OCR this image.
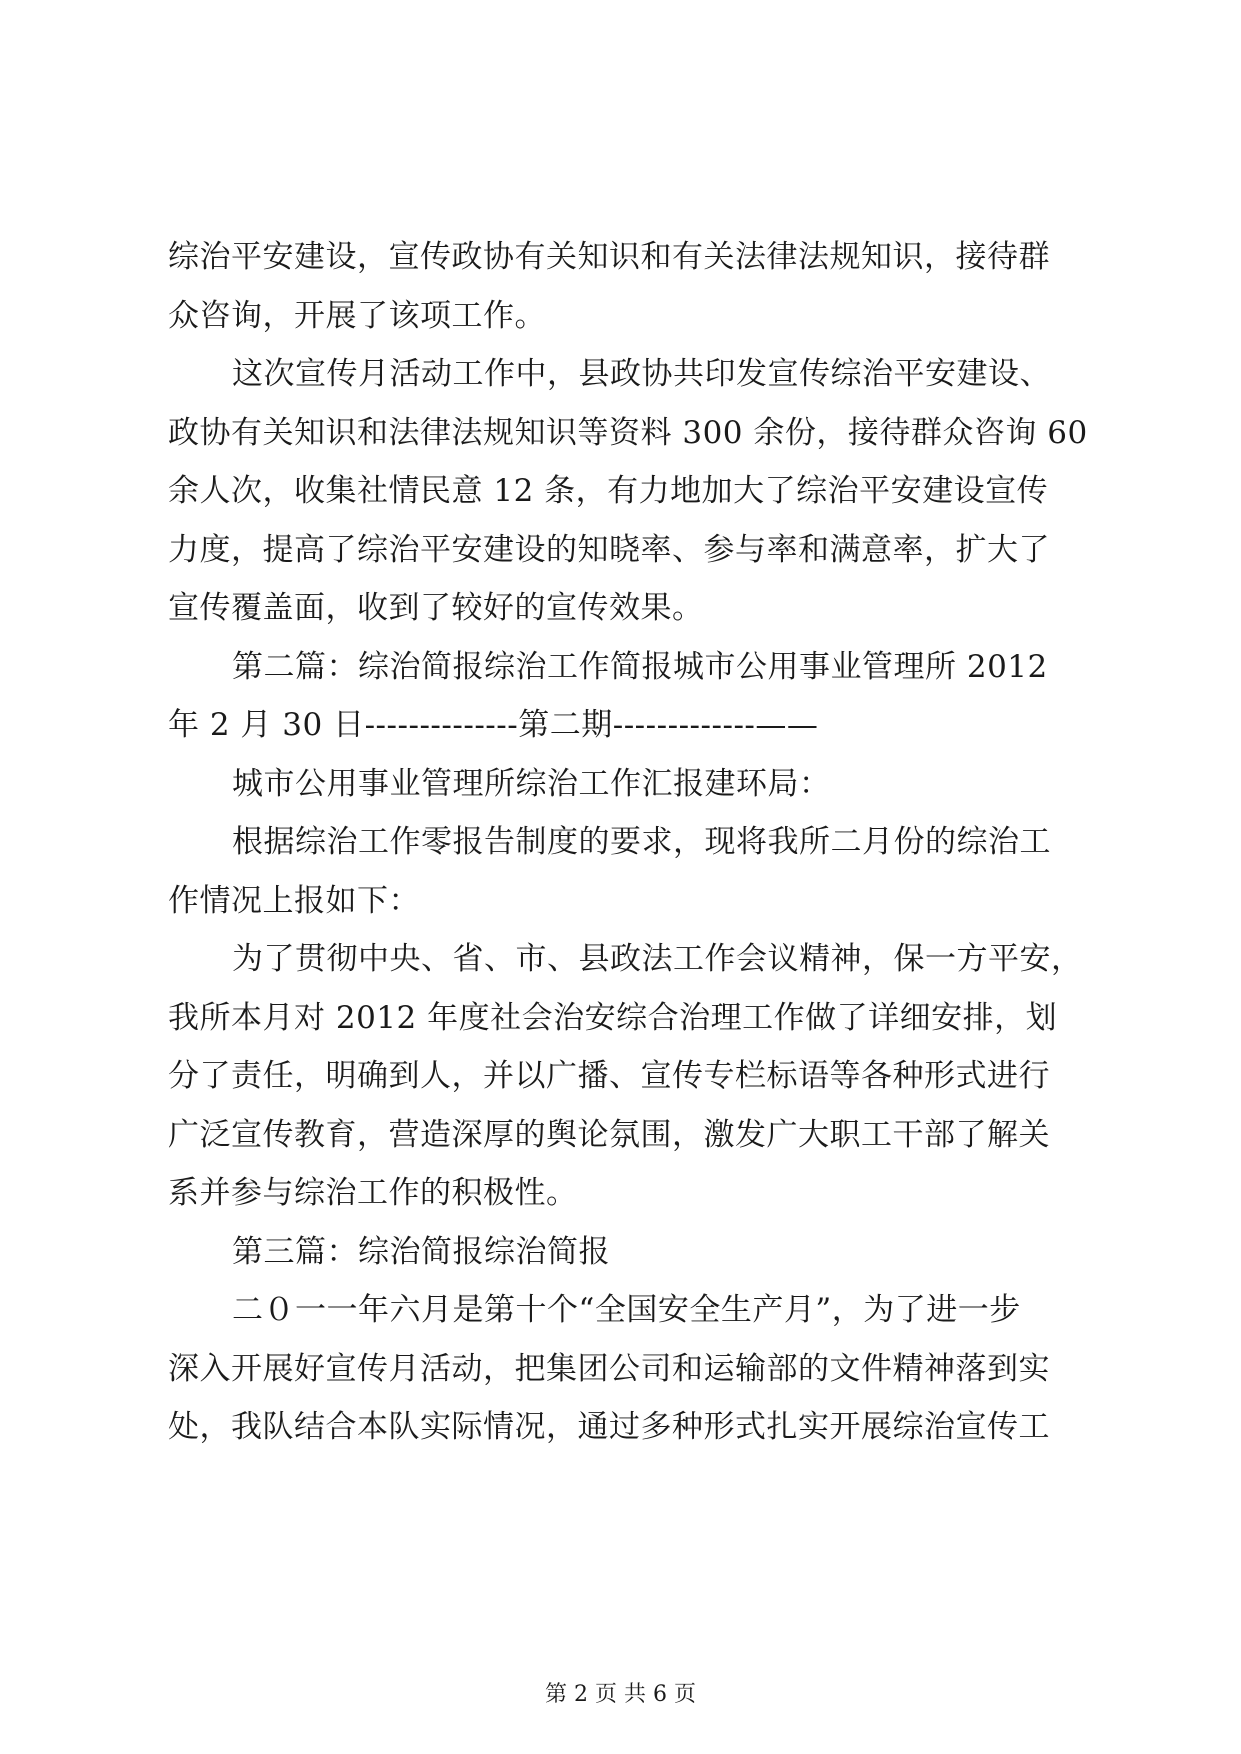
综治平安建设，宣传政协有关知识和有关法律法规知识，接待群
众咨询，开展了该项工作。
这次宣传月活动工作中，县政协共印发宣传综治平安建设、
政协有关知识和法律法规知识等资料 300 余份，接待群众咨询 60
余人次，收集社情民意 12 条，有力地加大了综治平安建设宣传
力度，提高了综治平安建设的知晓率、参与率和满意率，扩大了
宣传覆盖面，收到了较好的宣传效果。
第二篇：综治简报综治工作简报城市公用事业管理所 2012
年 2 月 30 日--------------第二期-------------——
城市公用事业管理所综治工作汇报建环局：
根据综治工作零报告制度的要求，现将我所二月份的综治工
作情况上报如下：
为了贯彻中央、省、市、县政法工作会议精神，保一方平安，
我所本月对 2012 年度社会治安综合治理工作做了详细安排，划
分了责任，明确到人，并以广播、宣传专栏标语等各种形式进行
广泛宣传教育，营造深厚的舆论氛围，激发广大职工干部了解关
系并参与综治工作的积极性。
第三篇：综治简报综治简报
二０一一年六月是第十个“全国安全生产月”，为了进一步
深入开展好宣传月活动，把集团公司和运输部的文件精神落到实
处，我队结合本队实际情况，通过多种形式扎实开展综治宣传工
第 2 页 共 6 页
